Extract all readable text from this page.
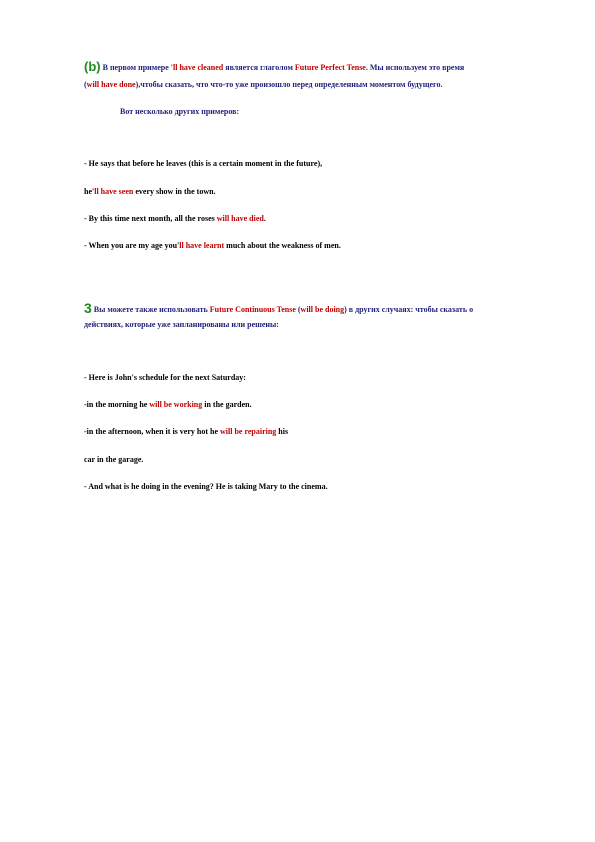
(b) В первом примере 'll have cleaned является глаголом Future Perfect Tense. Мы используем это время
(will have done),чтобы сказать, что что-то уже произошло перед определенным моментом будущего.
Вот несколько других примеров:
- He says that before he leaves (this is a certain moment in the future),
he'll have seen every show in the town.
- By this time next month, all the roses will have died.
- When you are my age you'll have learnt much about the weakness of men.
3 Вы можете также использовать Future Continuous Tense (will be doing) в других случаях: чтобы сказать о
действиях, которые уже запланированы или решены:
- Here is John's schedule for the next Saturday:
-in the morning he will be working in the garden.
-in the afternoon, when it is very hot he will be repairing his
car in the garage.
- And what is he doing in the evening? He is taking Mary to the cinema.
